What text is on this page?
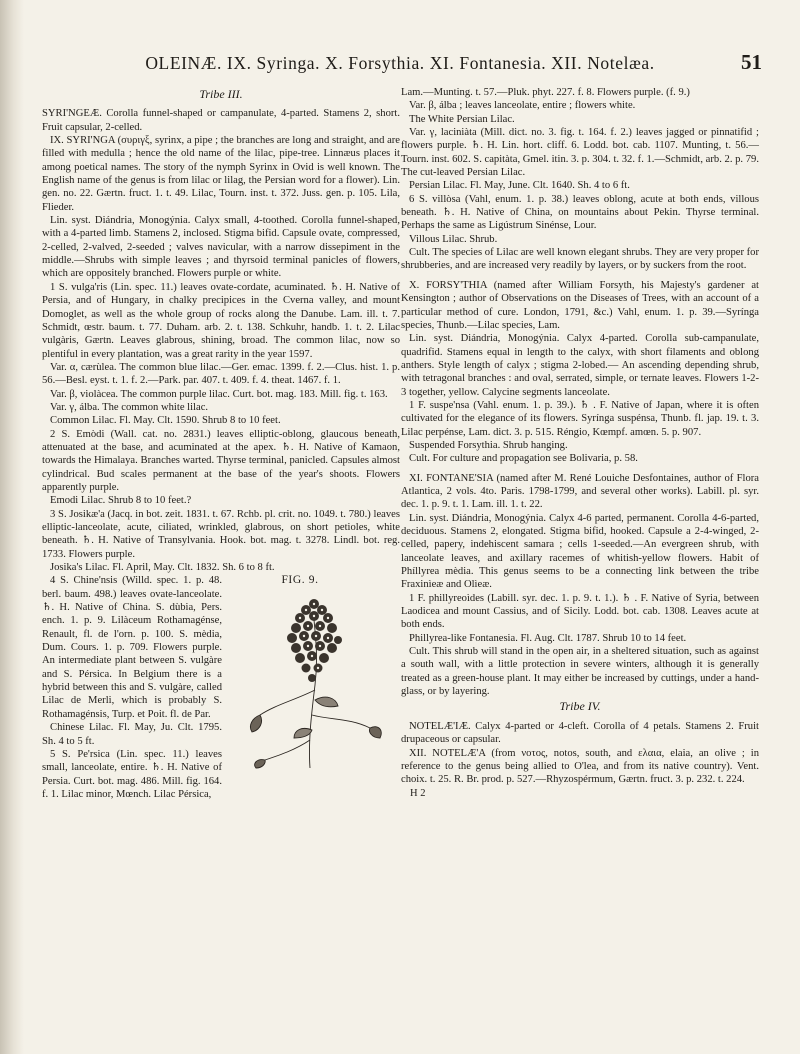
OLEINÆ. IX. Syringa. X. Forsythia. XI. Fontanesia. XII. Notelæa.	51

Tribe III.

SYRI'NGEÆ. Corolla funnel-shaped or campanulate, 4-parted. Stamens 2, short. Fruit capsular, 2-celled.

IX. SYRI'NGA (συριγξ, syrinx, a pipe ; the branches are long and straight, and are filled with medulla ; hence the old name of the lilac, pipe-tree. Linnæus places it among poetical names. The story of the nymph Syrinx in Ovid is well known. The English name of the genus is from lilac or lilag, the Persian word for a flower). Lin. gen. no. 22. Gærtn. fruct. 1. t. 49. Lilac, Tourn. inst. t. 372. Juss. gen. p. 105. Lila, Flieder.

Lin. syst. Diándria, Monogýnia. Calyx small, 4-toothed. Corolla funnel-shaped, with a 4-parted limb. Stamens 2, inclosed. Stigma bifid. Capsule ovate, compressed, 2-celled, 2-valved, 2-seeded ; valves navicular, with a narrow dissepiment in the middle.—Shrubs with simple leaves ; and thyrsoid terminal panicles of flowers, which are oppositely branched. Flowers purple or white.

1 S. vulga'ris (Lin. spec. 11.) leaves ovate-cordate, acuminated. ♄. H. Native of Persia, and of Hungary, in chalky precipices in the Cverna valley, and mount Domoglet, as well as the whole group of rocks along the Danube. Lam. ill. t. 7. Schmidt, œstr. baum. t. 77. Duham. arb. 2. t. 138. Schkuhr, handb. 1. t. 2. Lilac vulgàris, Gærtn. Leaves glabrous, shining, broad. The common lilac, now so plentiful in every plantation, was a great rarity in the year 1597.

Var. α, cærùlea. The common blue lilac.—Ger. emac. 1399. f. 2.—Clus. hist. 1. p. 56.—Besl. eyst. t. 1. f. 2.—Park. par. 407. t. 409. f. 4. theat. 1467. f. 1.

Var. β, violàcea. The common purple lilac. Curt. bot. mag. 183. Mill. fig. t. 163.

Var. γ, álba. The common white lilac.

Common Lilac. Fl. May. Clt. 1590. Shrub 8 to 10 feet.

2 S. Emòdi (Wall. cat. no. 2831.) leaves elliptic-oblong, glaucous beneath, attenuated at the base, and acuminated at the apex. ♄. H. Native of Kamaon, towards the Himalaya. Branches warted. Thyrse terminal, panicled. Capsules almost cylindrical. Bud scales permanent at the base of the year's shoots. Flowers apparently purple.

Emodi Lilac. Shrub 8 to 10 feet.?

3 S. Josikæ'a (Jacq. in bot. zeit. 1831. t. 67. Rchb. pl. crit. no. 1049. t. 780.) leaves elliptic-lanceolate, acute, ciliated, wrinkled, glabrous, on short petioles, white beneath. ♄. H. Native of Transylvania. Hook. bot. mag. t. 3278. Lindl. bot. reg. 1733. Flowers purple.

Josika's Lilac. Fl. April, May. Clt. 1832. Sh. 6 to 8 ft.

FIG. 9.

4 S. Chine'nsis (Willd. spec. 1. p. 48. berl. baum. 498.) leaves ovate-lanceolate. ♄. H. Native of China. S. dùbia, Pers. ench. 1. p. 9. Lilàceum Rothamagénse, Renault, fl. de l'orn. p. 100. S. mèdia, Dum. Cours. 1. p. 709. Flowers purple. An intermediate plant between S. vulgàre and S. Pérsica. In Belgium there is a hybrid between this and S. vulgàre, called Lilac de Merli, which is probably S. Rothamagénsis, Turp. et Poit. fl. de Par.

Chinese Lilac. Fl. May, Ju. Clt. 1795. Sh. 4 to 5 ft.

5 S. Pe'rsica (Lin. spec. 11.) leaves small, lanceolate, entire. ♄. H. Native of Persia. Curt. bot. mag. 486. Mill. fig. 164. f. 1. Lilac minor, Mœnch. Lilac Pérsica,

Lam.—Munting. t. 57.—Pluk. phyt. 227. f. 8. Flowers purple. (f. 9.)

Var. β, álba ; leaves lanceolate, entire ; flowers white.

The White Persian Lilac.

Var. γ, laciniàta (Mill. dict. no. 3. fig. t. 164. f. 2.) leaves jagged or pinnatifid ; flowers purple. ♄. H. Lin. hort. cliff. 6. Lodd. bot. cab. 1107. Munting, t. 56.—Tourn. inst. 602. S. capitàta, Gmel. itin. 3. p. 304. t. 32. f. 1.—Schmidt, arb. 2. p. 79. The cut-leaved Persian Lilac.

Persian Lilac. Fl. May, June. Clt. 1640. Sh. 4 to 6 ft.

6 S. villòsa (Vahl, enum. 1. p. 38.) leaves oblong, acute at both ends, villous beneath. ♄. H. Native of China, on mountains about Pekin. Thyrse terminal. Perhaps the same as Ligústrum Sinénse, Lour.

Villous Lilac. Shrub.

Cult. The species of Lilac are well known elegant shrubs. They are very proper for shrubberies, and are increased very readily by layers, or by suckers from the root.

X. FORSY'THIA (named after William Forsyth, his Majesty's gardener at Kensington ; author of Observations on the Diseases of Trees, with an account of a particular method of cure. London, 1791, &c.) Vahl, enum. 1. p. 39.—Syrínga species, Thunb.—Lilac species, Lam.

Lin. syst. Diándria, Monogýnia. Calyx 4-parted. Corolla sub-campanulate, quadrifid. Stamens equal in length to the calyx, with short filaments and oblong anthers. Style length of calyx ; stigma 2-lobed.— An ascending depending shrub, with tetragonal branches : and oval, serrated, simple, or ternate leaves. Flowers 1-2-3 together, yellow. Calycine segments lanceolate.

1 F. suspe'nsa (Vahl. enum. 1. p. 39.). ♄ . F. Native of Japan, where it is often cultivated for the elegance of its flowers. Syrínga suspénsa, Thunb. fl. jap. 19. t. 3. Lilac perpénse, Lam. dict. 3. p. 515. Réngio, Kœmpf. amœn. 5. p. 907.

Suspended Forsythia. Shrub hanging.

Cult. For culture and propagation see Bolivaria, p. 58.

XI. FONTANE'SIA (named after M. René Louiche Desfontaines, author of Flora Atlantica, 2 vols. 4to. Paris. 1798-1799, and several other works). Labill. pl. syr. dec. 1. p. 9. t. 1. Lam. ill. 1. t. 22.

Lin. syst. Diándria, Monogýnia. Calyx 4-6 parted, permanent. Corolla 4-6-parted, deciduous. Stamens 2, elongated. Stigma bifid, hooked. Capsule a 2-4-winged, 2-celled, papery, indehiscent samara ; cells 1-seeded.—An evergreen shrub, with lanceolate leaves, and axillary racemes of whitish-yellow flowers. Habit of Phíllyrea mèdia. This genus seems to be a connecting link between the tribe Fraxinìeæ and Olìeæ.

1 F. phillyreoìdes (Labill. syr. dec. 1. p. 9. t. 1.). ♄ . F. Native of Syria, between Laodicea and mount Cassius, and of Sicily. Lodd. bot. cab. 1308. Leaves acute at both ends.

Phillyrea-like Fontanesia. Fl. Aug. Clt. 1787. Shrub 10 to 14 feet.

Cult. This shrub will stand in the open air, in a sheltered situation, such as against a south wall, with a little protection in severe winters, although it is generally treated as a green-house plant. It may either be increased by cuttings, under a hand-glass, or by layering.

Tribe IV.

NOTELÆ'IÆ. Calyx 4-parted or 4-cleft. Corolla of 4 petals. Stamens 2. Fruit drupaceous or capsular.

XII. NOTELÆ'A (from νοτος, notos, south, and ελαια, elaia, an olive ; in reference to the genus being allied to O'lea, and from its native country). Vent. choix. t. 25. R. Br. prod. p. 527.—Rhyzospérmum, Gærtn. fruct. 3. p. 232. t. 224.

H 2
